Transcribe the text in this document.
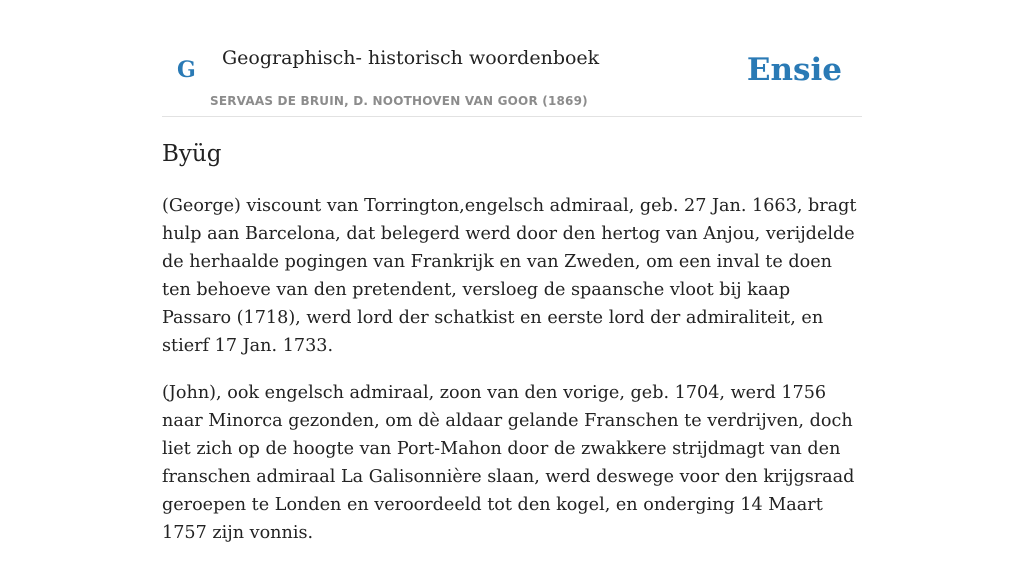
G Geographisch- historisch woordenboek
SERVAAS DE BRUIN, D. NOOTHOVEN VAN GOOR (1869)
Ensie
Byüg

(George) viscount van Torrington,engelsch admiraal, geb. 27 Jan. 1663, bragt hulp aan Barcelona, dat belegerd werd door den hertog van Anjou, verijdelde de herhaalde pogingen van Frankrijk en van Zweden, om een inval te doen ten behoeve van den pretendent, versloeg de spaansche vloot bij kaap Passaro (1718), werd lord der schatkist en eerste lord der admiraliteit, en stierf 17 Jan. 1733.

(John), ook engelsch admiraal, zoon van den vorige, geb. 1704, werd 1756 naar Minorca gezonden, om dè aldaar gelande Franschen te verdrijven, doch liet zich op de hoogte van Port-Mahon door de zwakkere strijdmagt van den franschen admiraal La Galisonnière slaan, werd deswege voor den krijgsraad geroepen te Londen en veroordeeld tot den kogel, en onderging 14 Maart 1757 zijn vonnis.
